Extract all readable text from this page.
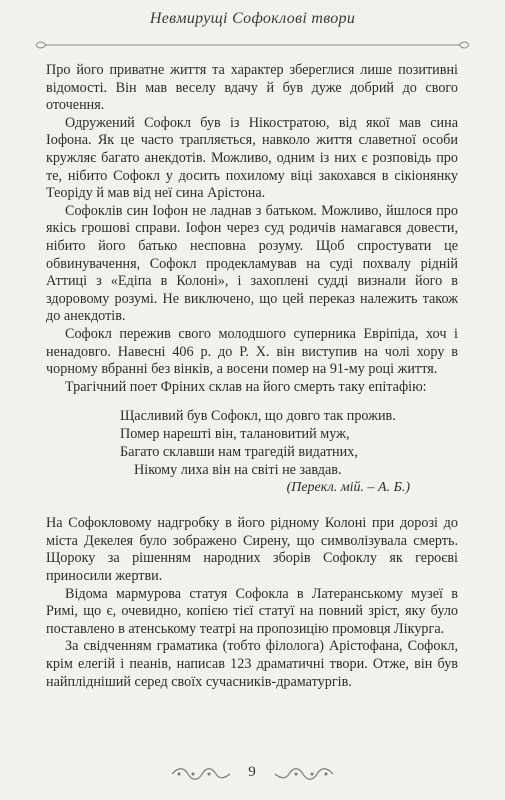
Невмирущі Софоклові твори

Про його приватне життя та характер збереглися лише позитивні відомості. Він мав веселу вдачу й був дуже добрий до свого оточення.

Одружений Софокл був із Нікостратою, від якої мав сина Іофона. Як це часто трапляється, навколо життя славетної особи кружляє багато анекдотів. Можливо, одним із них є розповідь про те, нібито Софокл у досить похилому віці закохався в сікіонянку Теоріду й мав від неї сина Арістона.

Софоклів син Іофон не ладнав з батьком. Можливо, йшлося про якісь грошові справи. Іофон через суд родичів намагався довести, нібито його батько несповна розуму. Щоб спростувати це обвинувачення, Софокл продекламував на суді похвалу рідній Аттиці з «Едіпа в Колоні», і захоплені судді визнали його в здоровому розумі. Не виключено, що цей переказ належить також до анекдотів.

Софокл пережив свого молодшого суперника Евріпіда, хоч і ненадовго. Навесні 406 р. до Р. Х. він виступив на чолі хору в чорному вбранні без вінків, а восени помер на 91-му році життя.

Трагічний поет Фріних склав на його смерть таку епітафію:

Щасливий був Софокл, що довго так прожив.
Помер нарешті він, талановитий муж,
Багато склавши нам трагедій видатних,
Нікому лиха він на світі не завдав.
(Перекл. мій. – А. Б.)

На Софокловому надгробку в його рідному Колоні при дорозі до міста Декелея було зображено Сирену, що символізувала смерть. Щороку за рішенням народних зборів Софоклу як героєві приносили жертви.

Відома мармурова статуя Софокла в Латеранському музеї в Римі, що є, очевидно, копією тієї статуї на повний зріст, яку було поставлено в атенському театрі на пропозицію промовця Лікурга.

За свідченням граматика (тобто філолога) Арістофана, Софокл, крім елегій і пеанів, написав 123 драматичні твори. Отже, він був найплідніший серед своїх сучасників-драматургів.

9
